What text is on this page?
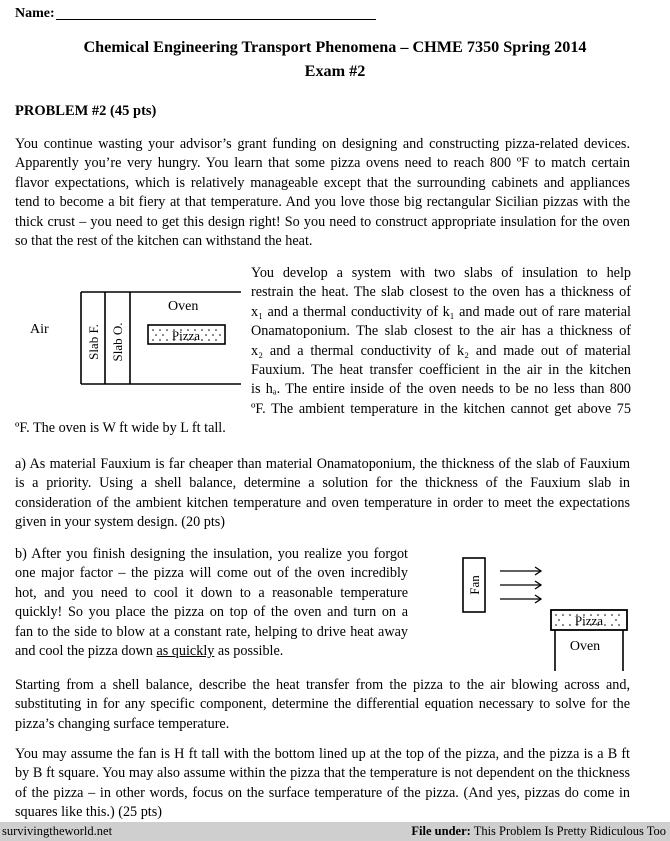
Name:
Chemical Engineering Transport Phenomena – CHME 7350 Spring 2014
Exam #2
PROBLEM #2 (45 pts)
You continue wasting your advisor’s grant funding on designing and constructing pizza-related devices. Apparently you’re very hungry. You learn that some pizza ovens need to reach 800 ºF to match certain flavor expectations, which is relatively manageable except that the surrounding cabinets and appliances tend to become a bit fiery at that temperature. And you love those big rectangular Sicilian pizzas with the thick crust – you need to get this design right! So you need to construct appropriate insulation for the oven so that the rest of the kitchen can withstand the heat.
Air
Oven
Pizza
Slab F. Slab O.
You develop a system with two slabs of insulation to help
restrain the heat. The slab closest to the oven has a thickness of
x₁ and a thermal conductivity of k₁ and made out of rare material
Onamatoponium. The slab closest to the air has a thickness of
x₂ and a thermal conductivity of k₂ and made out of material
Fauxium. The heat transfer coefficient in the air in the kitchen
is hₐ. The entire inside of the oven needs to be no less than 800
ºF. The ambient temperature in the kitchen cannot get above 75
ºF. The oven is W ft wide by L ft tall.
a) As material Fauxium is far cheaper than material Onamatoponium, the thickness of the slab of Fauxium is a priority. Using a shell balance, determine a solution for the thickness of the Fauxium slab in consideration of the ambient kitchen temperature and oven temperature in order to meet the expectations given in your system design. (20 pts)
b) After you finish designing the insulation, you realize you forgot
one major factor – the pizza will come out of the oven incredibly
hot, and you need to cool it down to a reasonable temperature
quickly! So you place the pizza on top of the oven and turn on a
fan to the side to blow at a constant rate, helping to drive heat away
and cool the pizza down as quickly as possible.
Fan
Pizza
Oven
Starting from a shell balance, describe the heat transfer from the pizza to the air blowing across and, substituting in for any specific component, determine the differential equation necessary to solve for the pizza’s changing surface temperature.
You may assume the fan is H ft tall with the bottom lined up at the top of the pizza, and the pizza is a B ft by B ft square. You may also assume within the pizza that the temperature is not dependent on the thickness of the pizza – in other words, focus on the surface temperature of the pizza. (And yes, pizzas do come in squares like this.) (25 pts)
survivingtheworld.net	File under: This Problem Is Pretty Ridiculous Too
